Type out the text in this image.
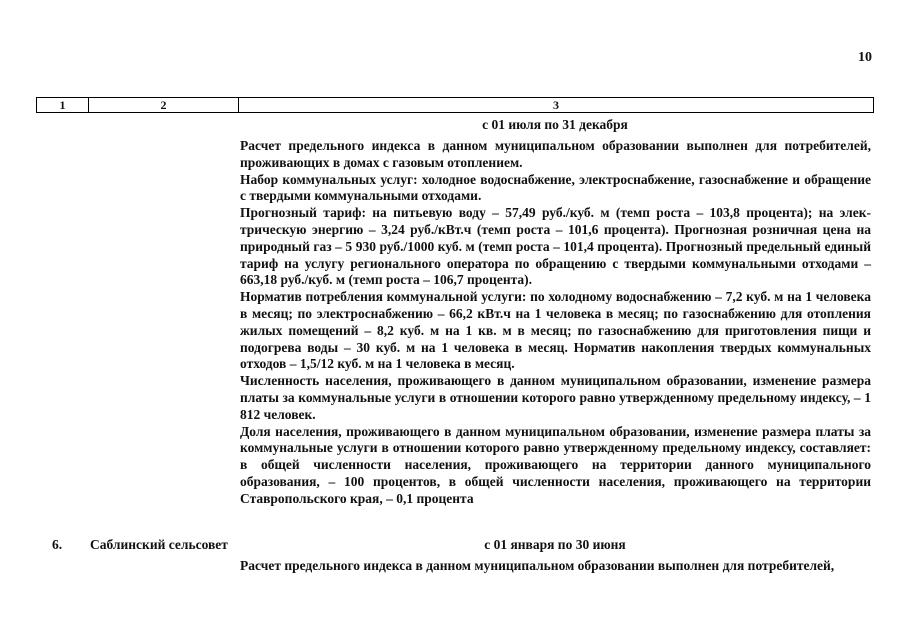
10
1	2	3
с 01 июля по 31 декабря

Расчет предельного индекса в данном муниципальном образовании выполнен для потребителей, проживающих в домах с газовым отоплением.

Набор коммунальных услуг: холодное водоснабжение, электроснабжение, газоснабжение и обращение с твердыми коммунальными отходами.

Прогнозный тариф: на питьевую воду – 57,49 руб./куб. м (темп роста – 103,8 процента); на электрическую энергию – 3,24 руб./кВт.ч (темп роста – 101,6 процента). Прогнозная розничная цена на природный газ – 5 930 руб./1000 куб. м (темп роста – 101,4 процента). Прогнозный предельный единый тариф на услугу регионального оператора по обращению с твердыми коммунальными отходами – 663,18 руб./куб. м (темп роста – 106,7 процента).

Норматив потребления коммунальной услуги: по холодному водоснабжению – 7,2 куб. м на 1 человека в месяц; по электроснабжению – 66,2 кВт.ч на 1 человека в месяц; по газоснабжению для отопления жилых помещений – 8,2 куб. м на 1 кв. м в месяц; по газоснабжению для приготовления пищи и подогрева воды – 30 куб. м на 1 человека в месяц. Норматив накопления твердых коммунальных отходов – 1,5/12 куб. м на 1 человека в месяц.

Численность населения, проживающего в данном муниципальном образовании, изменение размера платы за коммунальные услуги в отношении которого равно утвержденному предельному индексу, – 1 812 человек.

Доля населения, проживающего в данном муниципальном образовании, изменение размера платы за коммунальные услуги в отношении которого равно утвержденному предельному индексу, составляет: в общей численности населения, проживающего на территории данного муниципального образования, – 100 процентов, в общей численности населения, проживающего на территории Ставропольского края, – 0,1 процента

6. Саблинский сельсовет	с 01 января по 30 июня

Расчет предельного индекса в данном муниципальном образовании выполнен для потребителей,
